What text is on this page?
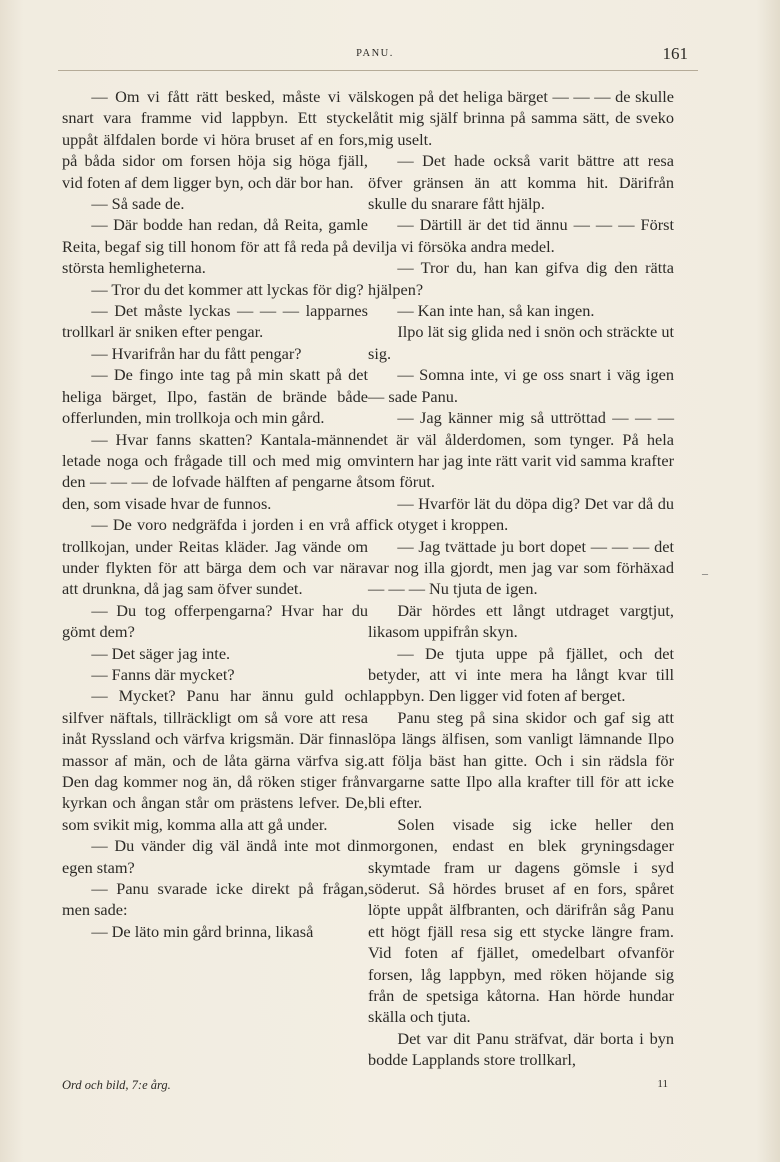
PANU.	161

— Om vi fått rätt besked, måste vi väl snart vara framme vid lappbyn. Ett stycke uppåt älfdalen borde vi höra bruset af en fors, på båda sidor om forsen höja sig höga fjäll, vid foten af dem ligger byn, och där bor han.

— Så sade de.

— Där bodde han redan, då Reita, gamle Reita, begaf sig till honom för att få reda på de största hemligheterna.

— Tror du det kommer att lyckas för dig?

— Det måste lyckas — — — lapparnes trollkarl är sniken efter pengar.

— Hvarifrån har du fått pengar?

— De fingo inte tag på min skatt på det heliga bärget, Ilpo, fastän de brände både offerlunden, min trollkoja och min gård.

— Hvar fanns skatten? Kantala-männen letade noga och frågade till och med mig om den — — — de lofvade hälften af pengarne åt den, som visade hvar de funnos.

— De voro nedgräfda i jorden i en vrå af trollkojan, under Reitas kläder. Jag vände om under flykten för att bärga dem och var nära att drunkna, då jag sam öfver sundet.

— Du tog offerpengarna? Hvar har du gömt dem?

— Det säger jag inte.

— Fanns där mycket?

— Mycket? Panu har ännu guld och silfver näftals, tillräckligt om så vore att resa inåt Ryssland och värfva krigsmän. Där finnas massor af män, och de låta gärna värfva sig. Den dag kommer nog än, då röken stiger från kyrkan och ångan står om prästens lefver. De, som svikit mig, komma alla att gå under.

— Du vänder dig väl ändå inte mot din egen stam?

— Panu svarade icke direkt på frågan, men sade:

— De läto min gård brinna, likaså

skogen på det heliga bärget — — — de skulle låtit mig själf brinna på samma sätt, de sveko mig uselt.

— Det hade också varit bättre att resa öfver gränsen än att komma hit. Därifrån skulle du snarare fått hjälp.

— Därtill är det tid ännu — — — Först vilja vi försöka andra medel.

— Tror du, han kan gifva dig den rätta hjälpen?

— Kan inte han, så kan ingen.

Ilpo lät sig glida ned i snön och sträckte ut sig.

— Somna inte, vi ge oss snart i väg igen — sade Panu.

— Jag känner mig så uttröttad — — — det är väl ålderdomen, som tynger. På hela vintern har jag inte rätt varit vid samma krafter som förut.

— Hvarför lät du döpa dig? Det var då du fick otyget i kroppen.

— Jag tvättade ju bort dopet — — — det var nog illa gjordt, men jag var som förhäxad — — — Nu tjuta de igen.

Där hördes ett långt utdraget vargtjut, likasom uppifrån skyn.

— De tjuta uppe på fjället, och det betyder, att vi inte mera ha långt kvar till lappbyn. Den ligger vid foten af berget.

Panu steg på sina skidor och gaf sig att löpa längs älfisen, som vanligt lämnande Ilpo att följa bäst han gitte. Och i sin rädsla för vargarne satte Ilpo alla krafter till för att icke bli efter.

Solen visade sig icke heller den morgonen, endast en blek gryningsdager skymtade fram ur dagens gömsle i syd söderut. Så hördes bruset af en fors, spåret löpte uppåt älfbranten, och därifrån såg Panu ett högt fjäll resa sig ett stycke längre fram. Vid foten af fjället, omedelbart ofvanför forsen, låg lappbyn, med röken höjande sig från de spetsiga kåtorna. Han hörde hundar skälla och tjuta.

Det var dit Panu sträfvat, där borta i byn bodde Lapplands store trollkarl,

–
Ord och bild, 7:e årg.	11
